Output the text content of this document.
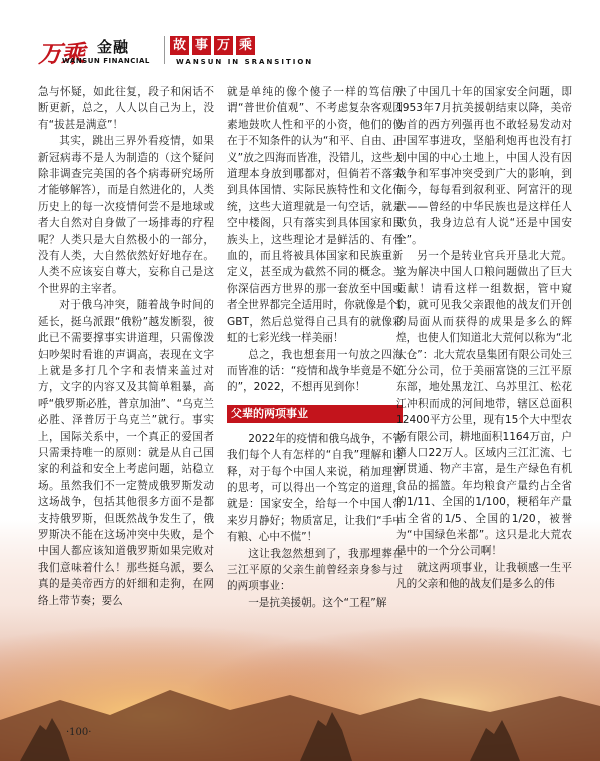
万乘 金融
WANSUN FINANCIAL
故 事 万 乘
WANSUN IN SRANSITION

急与怀疑，如此往复，段子和闲话不断更新，总之，人人以自己为上，没有“拔甚是满意”！

其实，跳出三界外看疫情，如果新冠病毒不是人为制造的（这个疑问除非调查完美国的各个病毒研究场所才能够解答），而是自然进化的，人类历史上的每一次疫情何尝不是地球或者大自然对自身做了一场排毒的疗程呢？人类只是大自然极小的一部分，没有人类，大自然依然好好地存在。人类不应该妄自尊大，妄称自己是这个世界的主宰者。

对于俄乌冲突，随着战争时间的延长，挺乌派跟“俄粉”越发断裂，彼此已不需要撑事实讲道理，只需像泼妇吵架时看谁的声调高，表现在文字上就是多打几个字和表情来盖过对方，文字的内容又及其简单粗暴，高呼“俄罗斯必胜，普京加油”、“乌克兰必胜、泽普厉于乌克兰”就行。事实上，国际关系中，一个真正的爱国者只需秉持唯一的原则：就是从自己国家的利益和安全上考虑问题，站稳立场。虽然我们不一定赞成俄罗斯发动这场战争，包括其他很多方面不是都支持俄罗斯，但既然战争发生了，俄罗斯决不能在这场冲突中失败，是个中国人都应该知道俄罗斯如果完败对我们意味着什么！那些挺乌派，要么真的是美帝西方的奸细和走狗，在网络上带节奏；要么

就是单纯的像个傻子一样的笃信所谓“普世价值观”、不考虑复杂客观因素地鼓吹人性和平的小资，他们的傻在于不知条件的认为“和平、自由、正义”放之四海而皆准，没错儿，这些大道理本身放到哪都对，但倘若不落实到具体国情、实际民族特性和文化传统，这些大道理就是一句空话，就是空中楼阁，只有落实到具体国家和民族头上，这些理论才是鲜活的、有骨血的，而且将被具体国家和民族重新定义，甚至成为截然不同的概念。当你深信西方世界的那一套放至中国或者全世界都完全适用时，你就像是个LGBT，然后总觉得自己具有的就像彩虹的七彩光线一样美丽！

总之，我也想套用一句放之四海而皆准的话：“疫情和战争毕竟是不好的”，2022，不想再见到你！

父辈的两项事业

2022年的疫情和俄乌战争，不管我们每个人有怎样的“自我”理解和诠释，对于每个中国人来说，稍加理智的思考，可以得出一个笃定的道理，就是：国家安全，给每一个中国人带来岁月静好；物质富足，让我们“手中有粮、心中不慌”！

这让我忽然想到了，我那埋葬在三江平原的父亲生前曾经亲身参与过的两项事业：

一是抗美援朝。这个“工程”解

决了中国几十年的国家安全问题，即1953年7月抗美援朝结束以降，美帝为首的西方列强再也不敢轻易发动对中国军事进攻，坚船利炮再也没有打到中国的中心土地上，中国人没有因战争和军事冲突受到广大的影响，到而今，每每看到叙利亚、阿富汗的现状——曾经的中华民族也是这样任人欺负，我身边总有人说“还是中国安全”。

另一个是转业官兵开垦北大荒。这为解决中国人口粮问题做出了巨大贡献！请看这样一组数据，管中窥豹，就可见我父亲跟他的战友们开创的局面从而获得的成果是多么的辉煌，也使人们知道北大荒何以称为“北大仓”：北大荒农垦集团有限公司处三江分公司，位于美丽富饶的三江平原东部，地处黑龙江、乌苏里江、松花江冲积而成的河间地带，辖区总面积12400平方公里，现有15个大中型农场有限公司，耕地面积1164万亩，户籍人口22万人。区域内三江汇流、七河贯通、物产丰富，是生产绿色有机食品的摇篮。年均粮食产量约占全省的1/11、全国的1/100，粳稻年产量占全省的1/5、全国的1/20，被誉为“中国绿色米都”。这只是北大荒农垦中的一个分公司啊！

就这两项事业，让我顿感一生平凡的父亲和他的战友们是多么的伟

·100·
